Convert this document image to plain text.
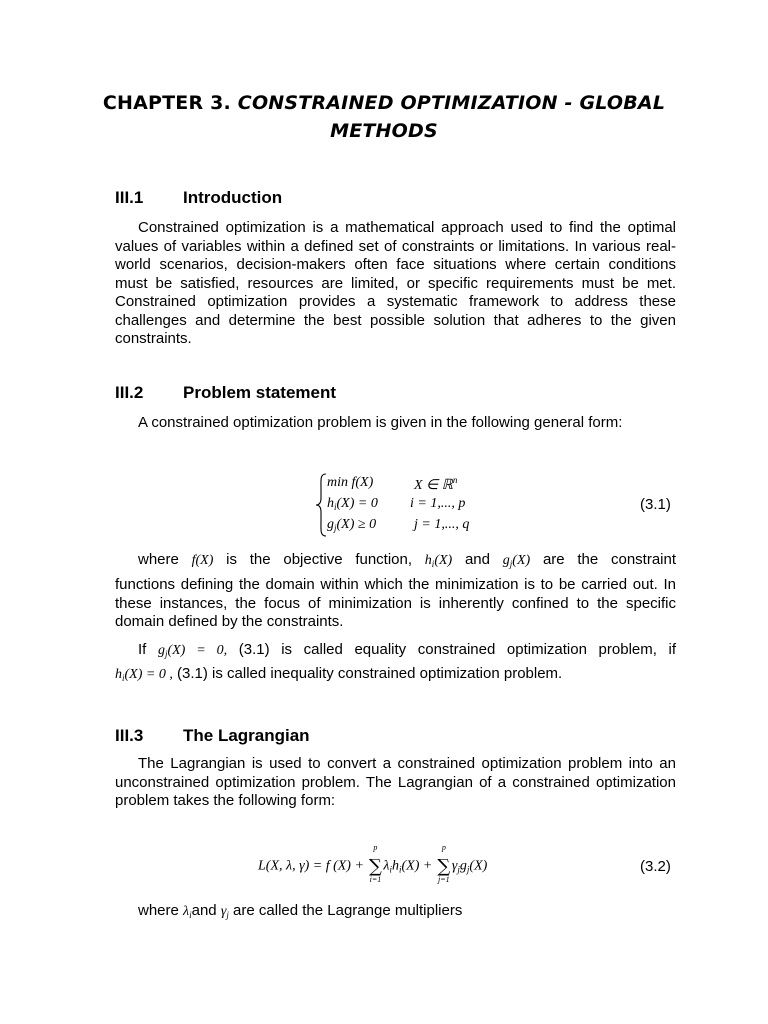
CHAPTER 3. CONSTRAINED OPTIMIZATION - GLOBAL
METHODS
III.1 Introduction
Constrained optimization is a mathematical approach used to find the optimal values of variables within a defined set of constraints or limitations. In various real-world scenarios, decision-makers often face situations where certain conditions must be satisfied, resources are limited, or specific requirements must be met. Constrained optimization provides a systematic framework to address these challenges and determine the best possible solution that adheres to the given constraints.
III.2 Problem statement
A constrained optimization problem is given in the following general form:
min f(X)	X ∈ ℝ$^n$
$h_i(X) = 0$ i = 1,..., p
$g_j(X) \ge 0$	j = 1,..., q
(3.1)
where f(X) is the objective function, $h_i(X)$ and $g_j(X)$ are the constraint
functions defining the domain within which the minimization is to be carried out. In these instances, the focus of minimization is inherently confined to the specific domain defined by the constraints.
If $g_j(X) = 0$, (3.1) is called equality constrained optimization problem, if
$h_i(X) = 0$ , (3.1) is called inequality constrained optimization problem.
III.3 The Lagrangian
The Lagrangian is used to convert a constrained optimization problem into an unconstrained optimization problem. The Lagrangian of a constrained optimization problem takes the following form:
L(X, λ, γ) = f (X) +
p
∑
i=1
$\lambda_ih_i(X)$ +
p
∑
j=1
$\gamma_jg_j(X)$	(3.2)
where $\lambda_iand$ $\gamma_j$ are called the Lagrange multipliers
